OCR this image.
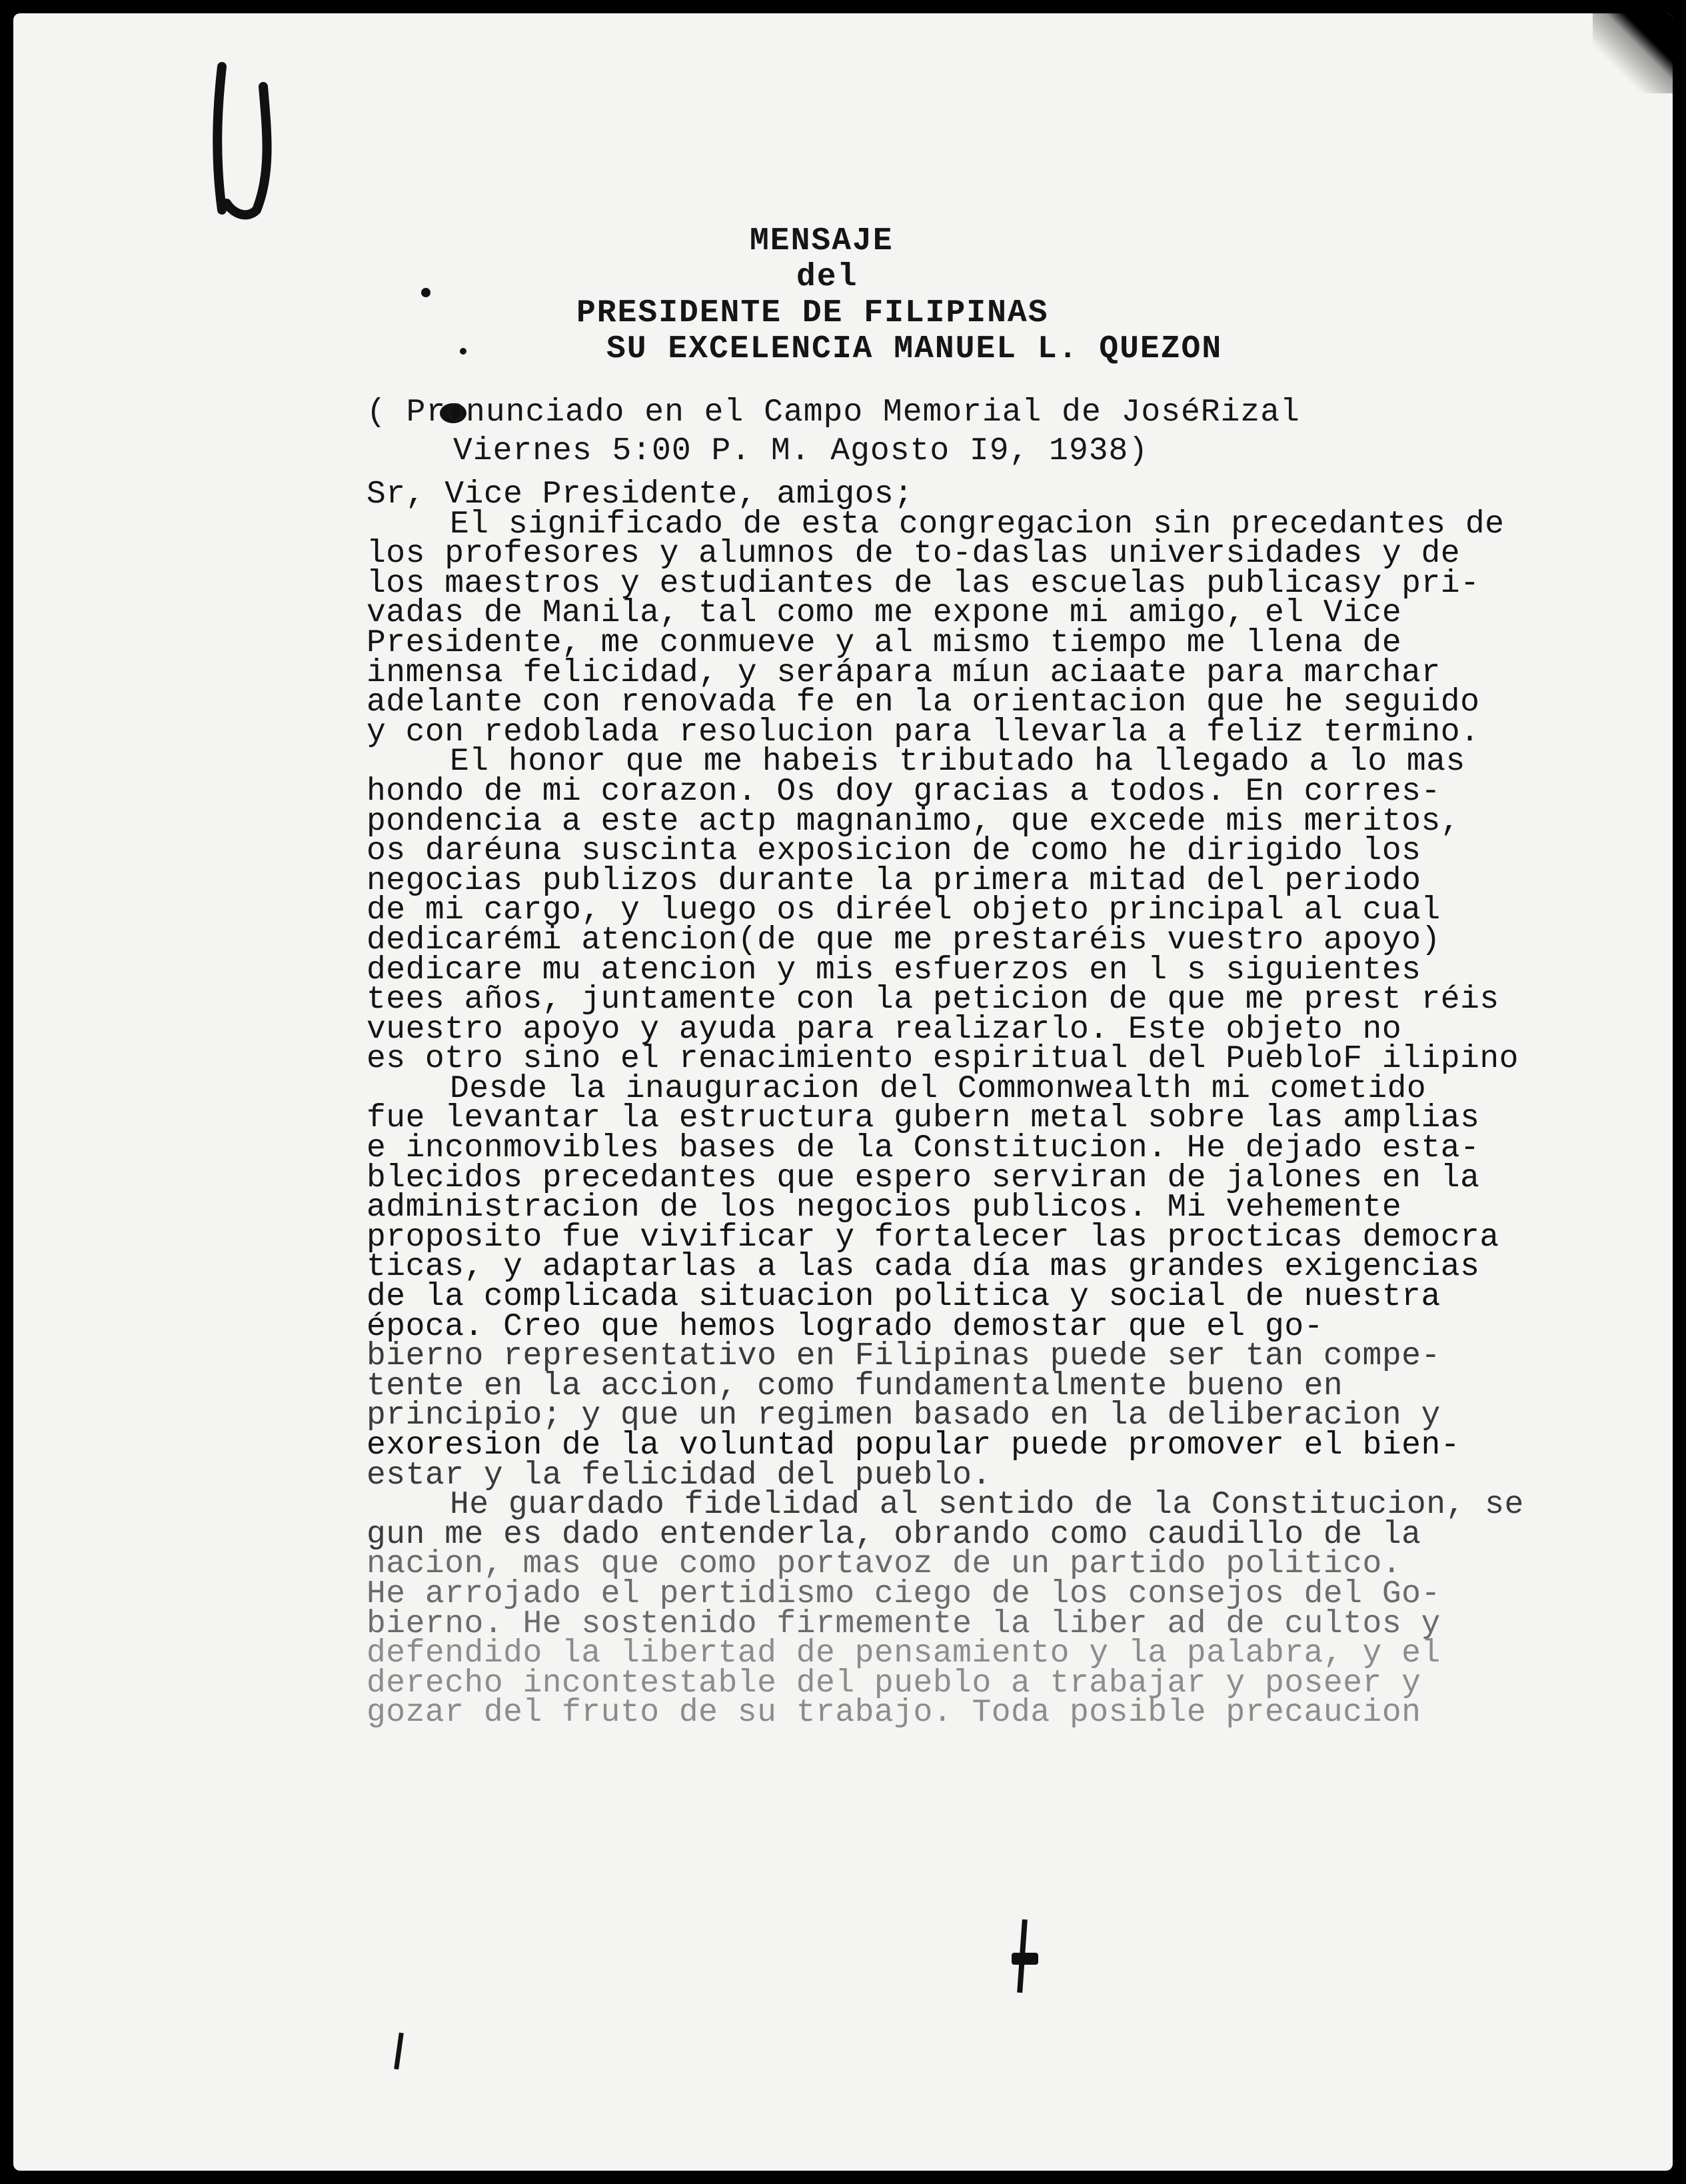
MENSAJE
del
PRESIDENTE DE FILIPINAS
SU EXCELENCIA MANUEL L. QUEZON
( Pronunciado en el Campo Memorial de JoséRizal
Viernes 5:00 P. M. Agosto I9, 1938)
Sr, Vice Presidente, amigos;
El significado de esta congregacion sin precedantes de
los profesores y alumnos de to-daslas universidades y de
los maestros y estudiantes de las escuelas publicasy pri-
vadas de Manila, tal como me expone mi amigo, el Vice
Presidente, me conmueve y al mismo tiempo me llena de
inmensa felicidad, y serápara míun aciaate para marchar
adelante con renovada fe en la orientacion que he seguido
y con redoblada resolucion para llevarla a feliz termino.
El honor que me habeis tributado ha llegado a lo mas
hondo de mi corazon. Os doy gracias a todos. En corres-
pondencia a este actp magnanimo, que excede mis meritos,
os daréuna suscinta exposicion de como he dirigido los
negocias publizos durante la primera mitad del periodo
de mi cargo, y luego os diréel objeto principal al cual
dedicarémi atencion(de que me prestaréis vuestro apoyo)
dedicare mu atencion y mis esfuerzos en l s siguientes
tees años, juntamente con la peticion de que me prest réis
vuestro apoyo y ayuda para realizarlo. Este objeto no
es otro sino el renacimiento espiritual del PuebloF ilipino
Desde la inauguracion del Commonwealth mi cometido
fue levantar la estructura gubern metal sobre las amplias
e inconmovibles bases de la Constitucion. He dejado esta-
blecidos precedantes que espero serviran de jalones en la
administracion de los negocios publicos. Mi vehemente
proposito fue vivificar y fortalecer las procticas democra
ticas, y adaptarlas a las cada día mas grandes exigencias
de la complicada situacion politica y social de nuestra
época. Creo que hemos logrado demostar que el go-
bierno representativo en Filipinas puede ser tan compe-
tente en la accion, como fundamentalmente bueno en
principio; y que un regimen basado en la deliberacion y
exoresion de la voluntad popular puede promover el bien-
estar y la felicidad del pueblo.
He guardado fidelidad al sentido de la Constitucion, se
gun me es dado entenderla, obrando como caudillo de la
nacion, mas que como portavoz de un partido politico.
He arrojado el pertidismo ciego de los consejos del Go-
bierno. He sostenido firmemente la liber ad de cultos y
defendido la libertad de pensamiento y la palabra, y el
derecho incontestable del pueblo a trabajar y poseer y
gozar del fruto de su trabajo. Toda posible precaucion
